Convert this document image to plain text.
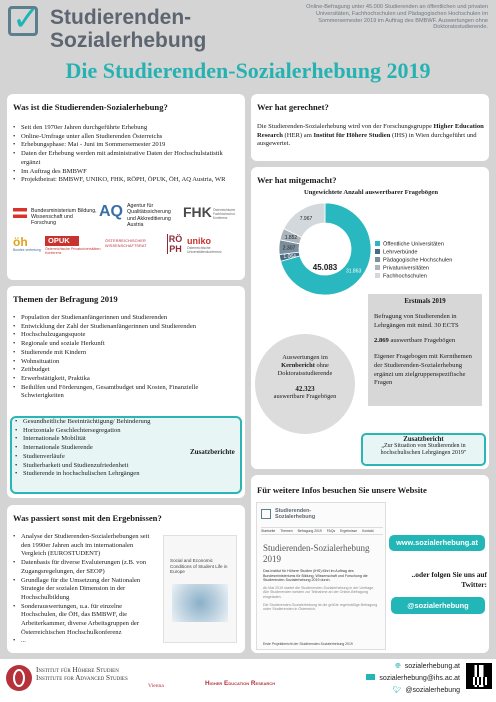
✓ Studierenden-
Sozialerhebung
Online-Befragung unter 45.000 Studierenden an öffentlichen und privaten Universitäten, Fachhochschulen und Pädagogischen Hochschulen im Sommersemester 2019 im Auftrag des BMBWF. Auswertungen ohne Doktoratsstudierende.
Die Studierenden-Sozialerhebung 2019
Was ist die Studierenden-Sozialerhebung?
• Seit den 1970er Jahren durchgeführte Erhebung
• Online-Umfrage unter allen Studierenden Österreichs
• Erhebungsphase: Mai - Juni im Sommersemester 2019
• Daten der Erhebung werden mit administrative Daten der Hochschulstatistik ergänzt
• Im Auftrag des BMBWF
• Projektbeirat: BMBWF, UNIKO, FHK, RÖPH, ÖPUK, ÖH, AQ Austria, WR
Bundesministerium Bildung, Wissenschaft und Forschung
AQ Agentur für Qualitätssicherung und Akkreditierung Austria
FHK Österreichische Fachhochschul-Konferenz
öh
Bundes vertretung
OPUK
Österreichische Privatuniversitäten Konferenz
ÖSTERREICHISCHER WISSENSCHAFTSRAT
RÖ PH
uniko
Österreichische Universitätenkonferenz
Wer hat gerechnet?
Die Studierenden-Sozialerhebung wird von der Forschungsgruppe Higher Education Research (HER) am Institut für Höhere Studien (IHS) in Wien durchgeführt und ausgewertet.
Wer hat mitgemacht?
Ungewichtete Anzahl auswertbarer Fragebögen
31.863
1.064
2.307
1.852
7.967
45.083
Öffentliche Universitäten
Lehrverbünde
Pädagogische Hochschulen
Privatuniversitäten
Fachhochschulen
Erstmals 2019
Befragung von Studierenden in Lehrgängen mit mind. 30 ECTS
2.869 auswertbare Fragebögen
Eigener Fragebogen mit Kernthemen der Studierenden-Sozialerhebung ergänzt um zielgruppenspezifische Fragen
Auswertungen im
Kernbericht ohne Doktoratsstudierende
42.323
auswertbare Fragebögen
Zusatzbericht
„Zur Situation von Studierenden in hochschulischen Lehrgängen 2019"
Themen der Befragung 2019
• Population der Studienanfängerinnen und Studierenden
• Entwicklung der Zahl der Studienanfängerinnen und Studierenden
• Hochschulzugangsquote
• Regionale und soziale Herkunft
• Studierende mit Kindern
• Wohnsituation
• Zeitbudget
• Erwerbstätigkeit, Praktika
• Beihilfen und Förderungen, Gesamtbudget und Kosten, Finanzielle Schwierigkeiten
• Gesundheitliche Beeinträchtigung/ Behinderung
• Horizontale Geschlechtersegregation
• Internationale Mobilität
• Internationale Studierende
• Studienverläufe
• Studierbarkeit und Studienzufriedenheit
• Studierende in hochschulischen Lehrgängen
Zusatzberichte
Was passiert sonst mit den Ergebnissen?
• Analyse der Studierenden-Sozialerhebungen seit den 1990er Jahren auch im internationalen Vergleich (EUROSTUDENT)
• Datenbasis für diverse Evaluierungen (z.B. von Zugangsregelungen, der SEOP)
• Grundlage für die Umsetzung der Nationalen Strategie der sozialen Dimension in der Hochschulbildung
• Sonderauswertungen, u.a. für einzelne Hochschulen, die ÖH, das BMBWF, die Arbeiterkammer, diverse Arbeitsgruppen der Österreichischen Hochschulkonferenz
• ...
Social and Economic Conditions of Student Life in Europe
Für weitere Infos besuchen Sie unsere Website
Studierenden-
Sozialerhebung
Startseite Themen Befragung 2019 FAQs Ergebnisse Kontakt
Studierenden-Sozialerhebung
2019

Das Institut für Höhere Studien (IHS) führt im Auftrag des Bundesministeriums für Bildung, Wissenschaft und Forschung die Studierenden-Sozialerhebung 2019 durch.

Ab Mai 2019 startet die Studierenden-Sozialerhebung in der Umfrage. Alle Studierenden werden zur Teilnahme an der Online-Befragung eingeladen.

Die Studierenden-Sozialerhebung ist die größte regelmäßige Befragung unter Studierenden in Österreich.

Erste Projektbericht der Studierenden-Sozialerhebung 2019
www.sozialerhebung.at
..oder folgen Sie uns auf Twitter:
@sozialerhebung
Institut für Höhere Studien
Institute for Advanced Studies
Vienna	Higher Education Research
🌐︎ sozialerhebung.at
sozialerhebung@ihs.ac.at
🐦︎ @sozialerhebung
